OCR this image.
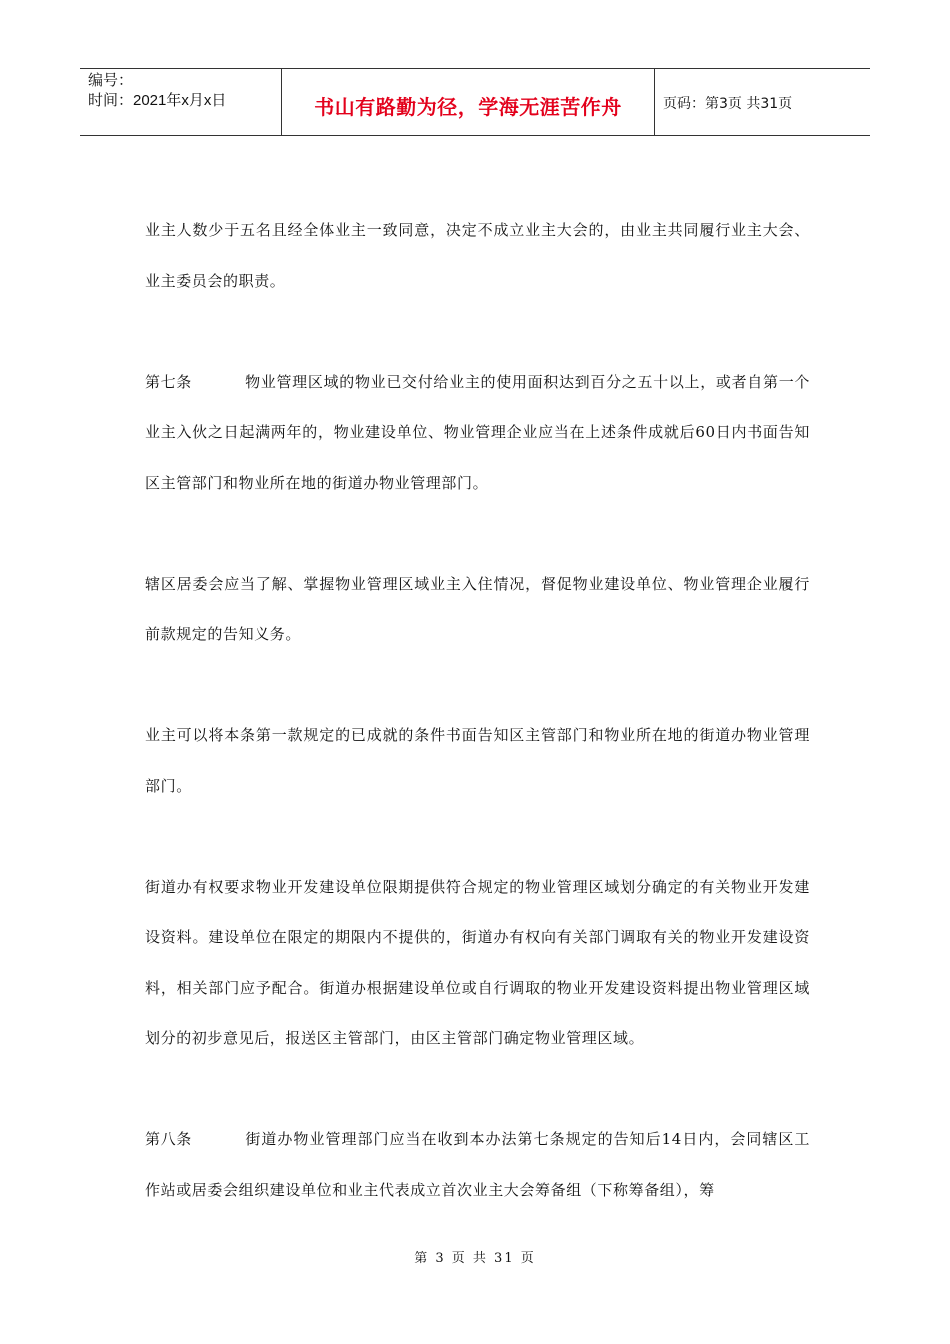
编号：
时间：2021年x月x日	书山有路勤为径，学海无涯苦作舟	页码：第3页 共31页

业主人数少于五名且经全体业主一致同意，决定不成立业主大会的，由业主共同履行业主大会、业主委员会的职责。

第七条	物业管理区域的物业已交付给业主的使用面积达到百分之五十以上，或者自第一个业主入伙之日起满两年的，物业建设单位、物业管理企业应当在上述条件成就后60日内书面告知区主管部门和物业所在地的街道办物业管理部门。

辖区居委会应当了解、掌握物业管理区域业主入住情况，督促物业建设单位、物业管理企业履行前款规定的告知义务。

业主可以将本条第一款规定的已成就的条件书面告知区主管部门和物业所在地的街道办物业管理部门。

街道办有权要求物业开发建设单位限期提供符合规定的物业管理区域划分确定的有关物业开发建设资料。建设单位在限定的期限内不提供的，街道办有权向有关部门调取有关的物业开发建设资料，相关部门应予配合。街道办根据建设单位或自行调取的物业开发建设资料提出物业管理区域划分的初步意见后，报送区主管部门，由区主管部门确定物业管理区域。

第八条	街道办物业管理部门应当在收到本办法第七条规定的告知后14日内，会同辖区工作站或居委会组织建设单位和业主代表成立首次业主大会筹备组（下称筹备组），筹

第 3 页 共 31 页
